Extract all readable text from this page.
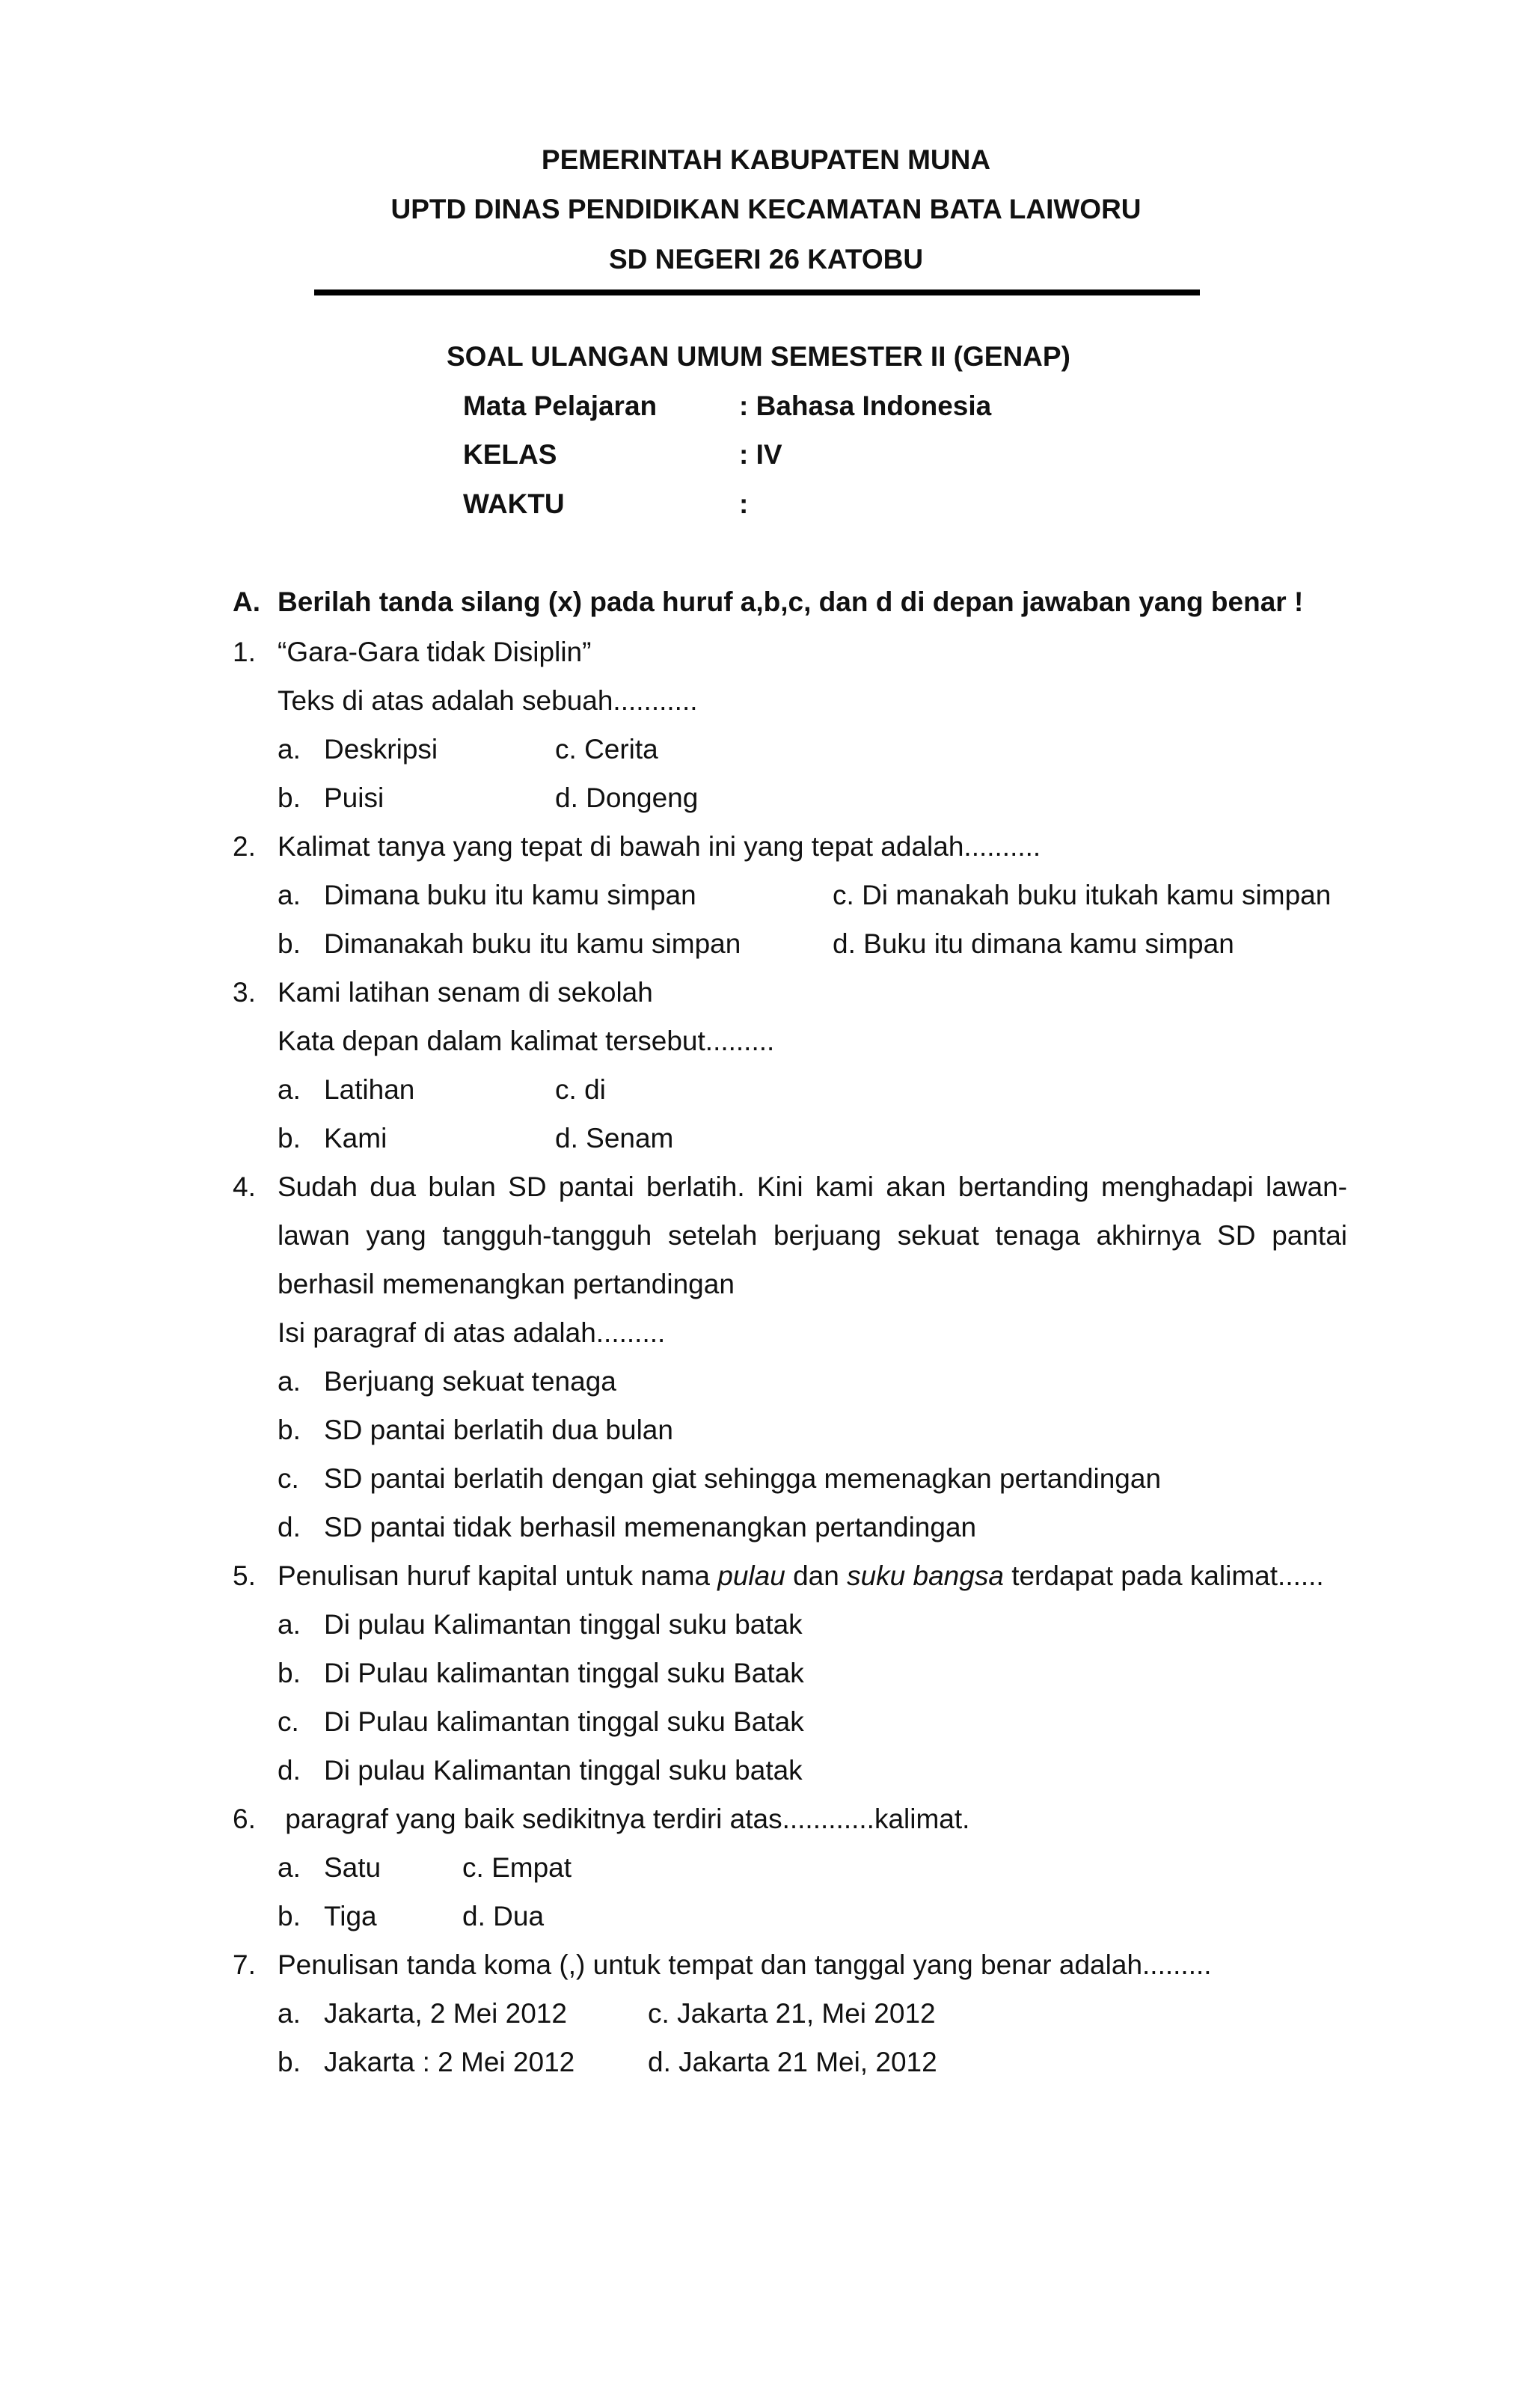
PEMERINTAH KABUPATEN MUNA
UPTD DINAS PENDIDIKAN KECAMATAN BATA LAIWORU
SD NEGERI 26 KATOBU
SOAL ULANGAN UMUM SEMESTER II (GENAP)
Mata Pelajaran	: Bahasa Indonesia
KELAS	: IV
WAKTU	:
A. Berilah tanda silang (x) pada huruf a,b,c, dan d di depan jawaban yang benar !
1. “Gara-Gara tidak Disiplin”
Teks di atas adalah sebuah...........
a. Deskripsi	c. Cerita
b. Puisi	d. Dongeng
2. Kalimat tanya yang tepat di bawah ini yang tepat adalah..........
a. Dimana buku itu kamu simpan	c. Di manakah buku itukah kamu simpan
b. Dimanakah buku itu kamu simpan	d. Buku itu dimana kamu simpan
3. Kami latihan senam di sekolah
Kata depan dalam kalimat tersebut.........
a. Latihan	c. di
b. Kami	d. Senam
4. Sudah dua bulan SD pantai berlatih. Kini kami akan bertanding menghadapi lawan-lawan yang tangguh-tangguh setelah berjuang sekuat tenaga akhirnya SD pantai berhasil memenangkan pertandingan
Isi paragraf di atas adalah.........
a. Berjuang sekuat tenaga
b. SD pantai berlatih dua bulan
c. SD pantai berlatih dengan giat sehingga memenagkan pertandingan
d. SD pantai tidak berhasil memenangkan pertandingan
5. Penulisan huruf kapital untuk nama pulau dan suku bangsa terdapat pada kalimat......
a. Di pulau Kalimantan tinggal suku batak
b. Di Pulau kalimantan tinggal suku Batak
c. Di Pulau kalimantan tinggal suku Batak
d. Di pulau Kalimantan tinggal suku batak
6. paragraf yang baik sedikitnya terdiri atas............kalimat.
a. Satu	c. Empat
b. Tiga	d. Dua
7. Penulisan tanda koma (,) untuk tempat dan tanggal yang benar adalah.........
a. Jakarta, 2 Mei 2012	c. Jakarta 21, Mei 2012
b. Jakarta : 2 Mei 2012	d. Jakarta 21 Mei, 2012
